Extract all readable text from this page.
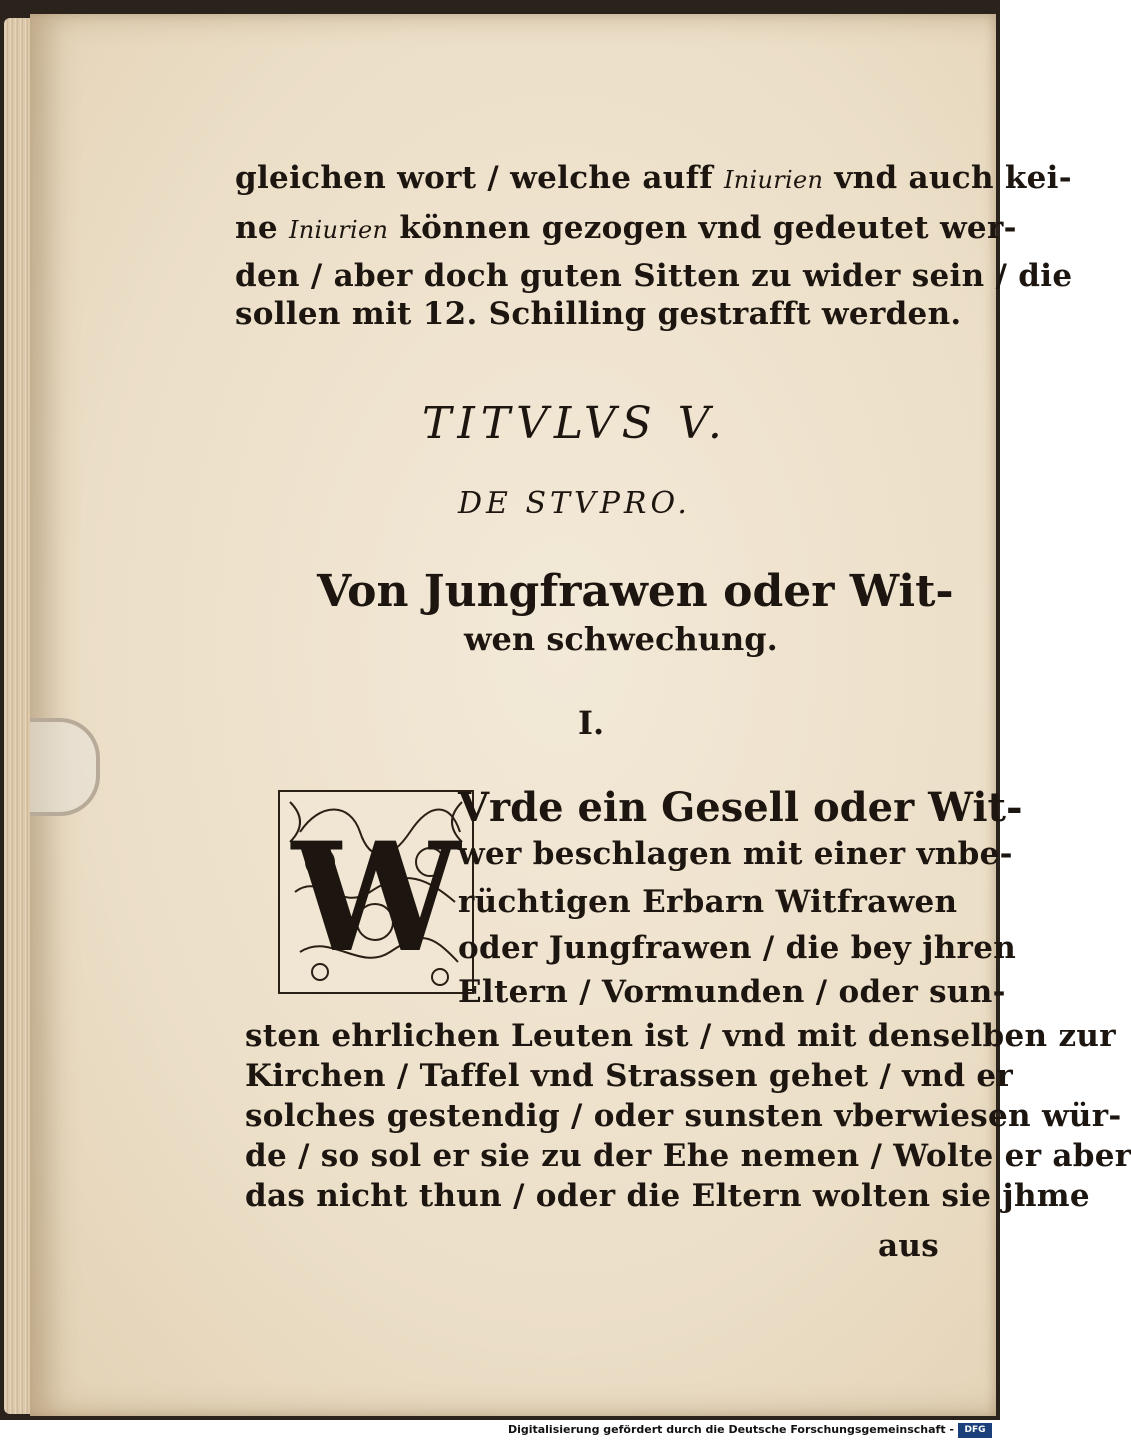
gleichen wort / welche auff Iniurien vnd auch kei-
ne Iniurien können gezogen vnd gedeutet wer-
den / aber doch guten Sitten zu wider sein / die
sollen mit 12. Schilling gestrafft werden.
TITVLVS V.
DE STVPRO.
Von Jungfrawen oder Wit-
wen schwechung.
I.
W
Vrde ein Gesell oder Wit-
wer beschlagen mit einer vnbe-
rüchtigen Erbarn Witfrawen
oder Jungfrawen / die bey jhren
Eltern / Vormunden / oder sun-
sten ehrlichen Leuten ist / vnd mit denselben zur
Kirchen / Taffel vnd Strassen gehet / vnd er
solches gestendig / oder sunsten vberwiesen wür-
de / so sol er sie zu der Ehe nemen / Wolte er aber
das nicht thun / oder die Eltern wolten sie jhme
aus
Digitalisierung gefördert durch die Deutsche Forschungsgemeinschaft -	DFG
